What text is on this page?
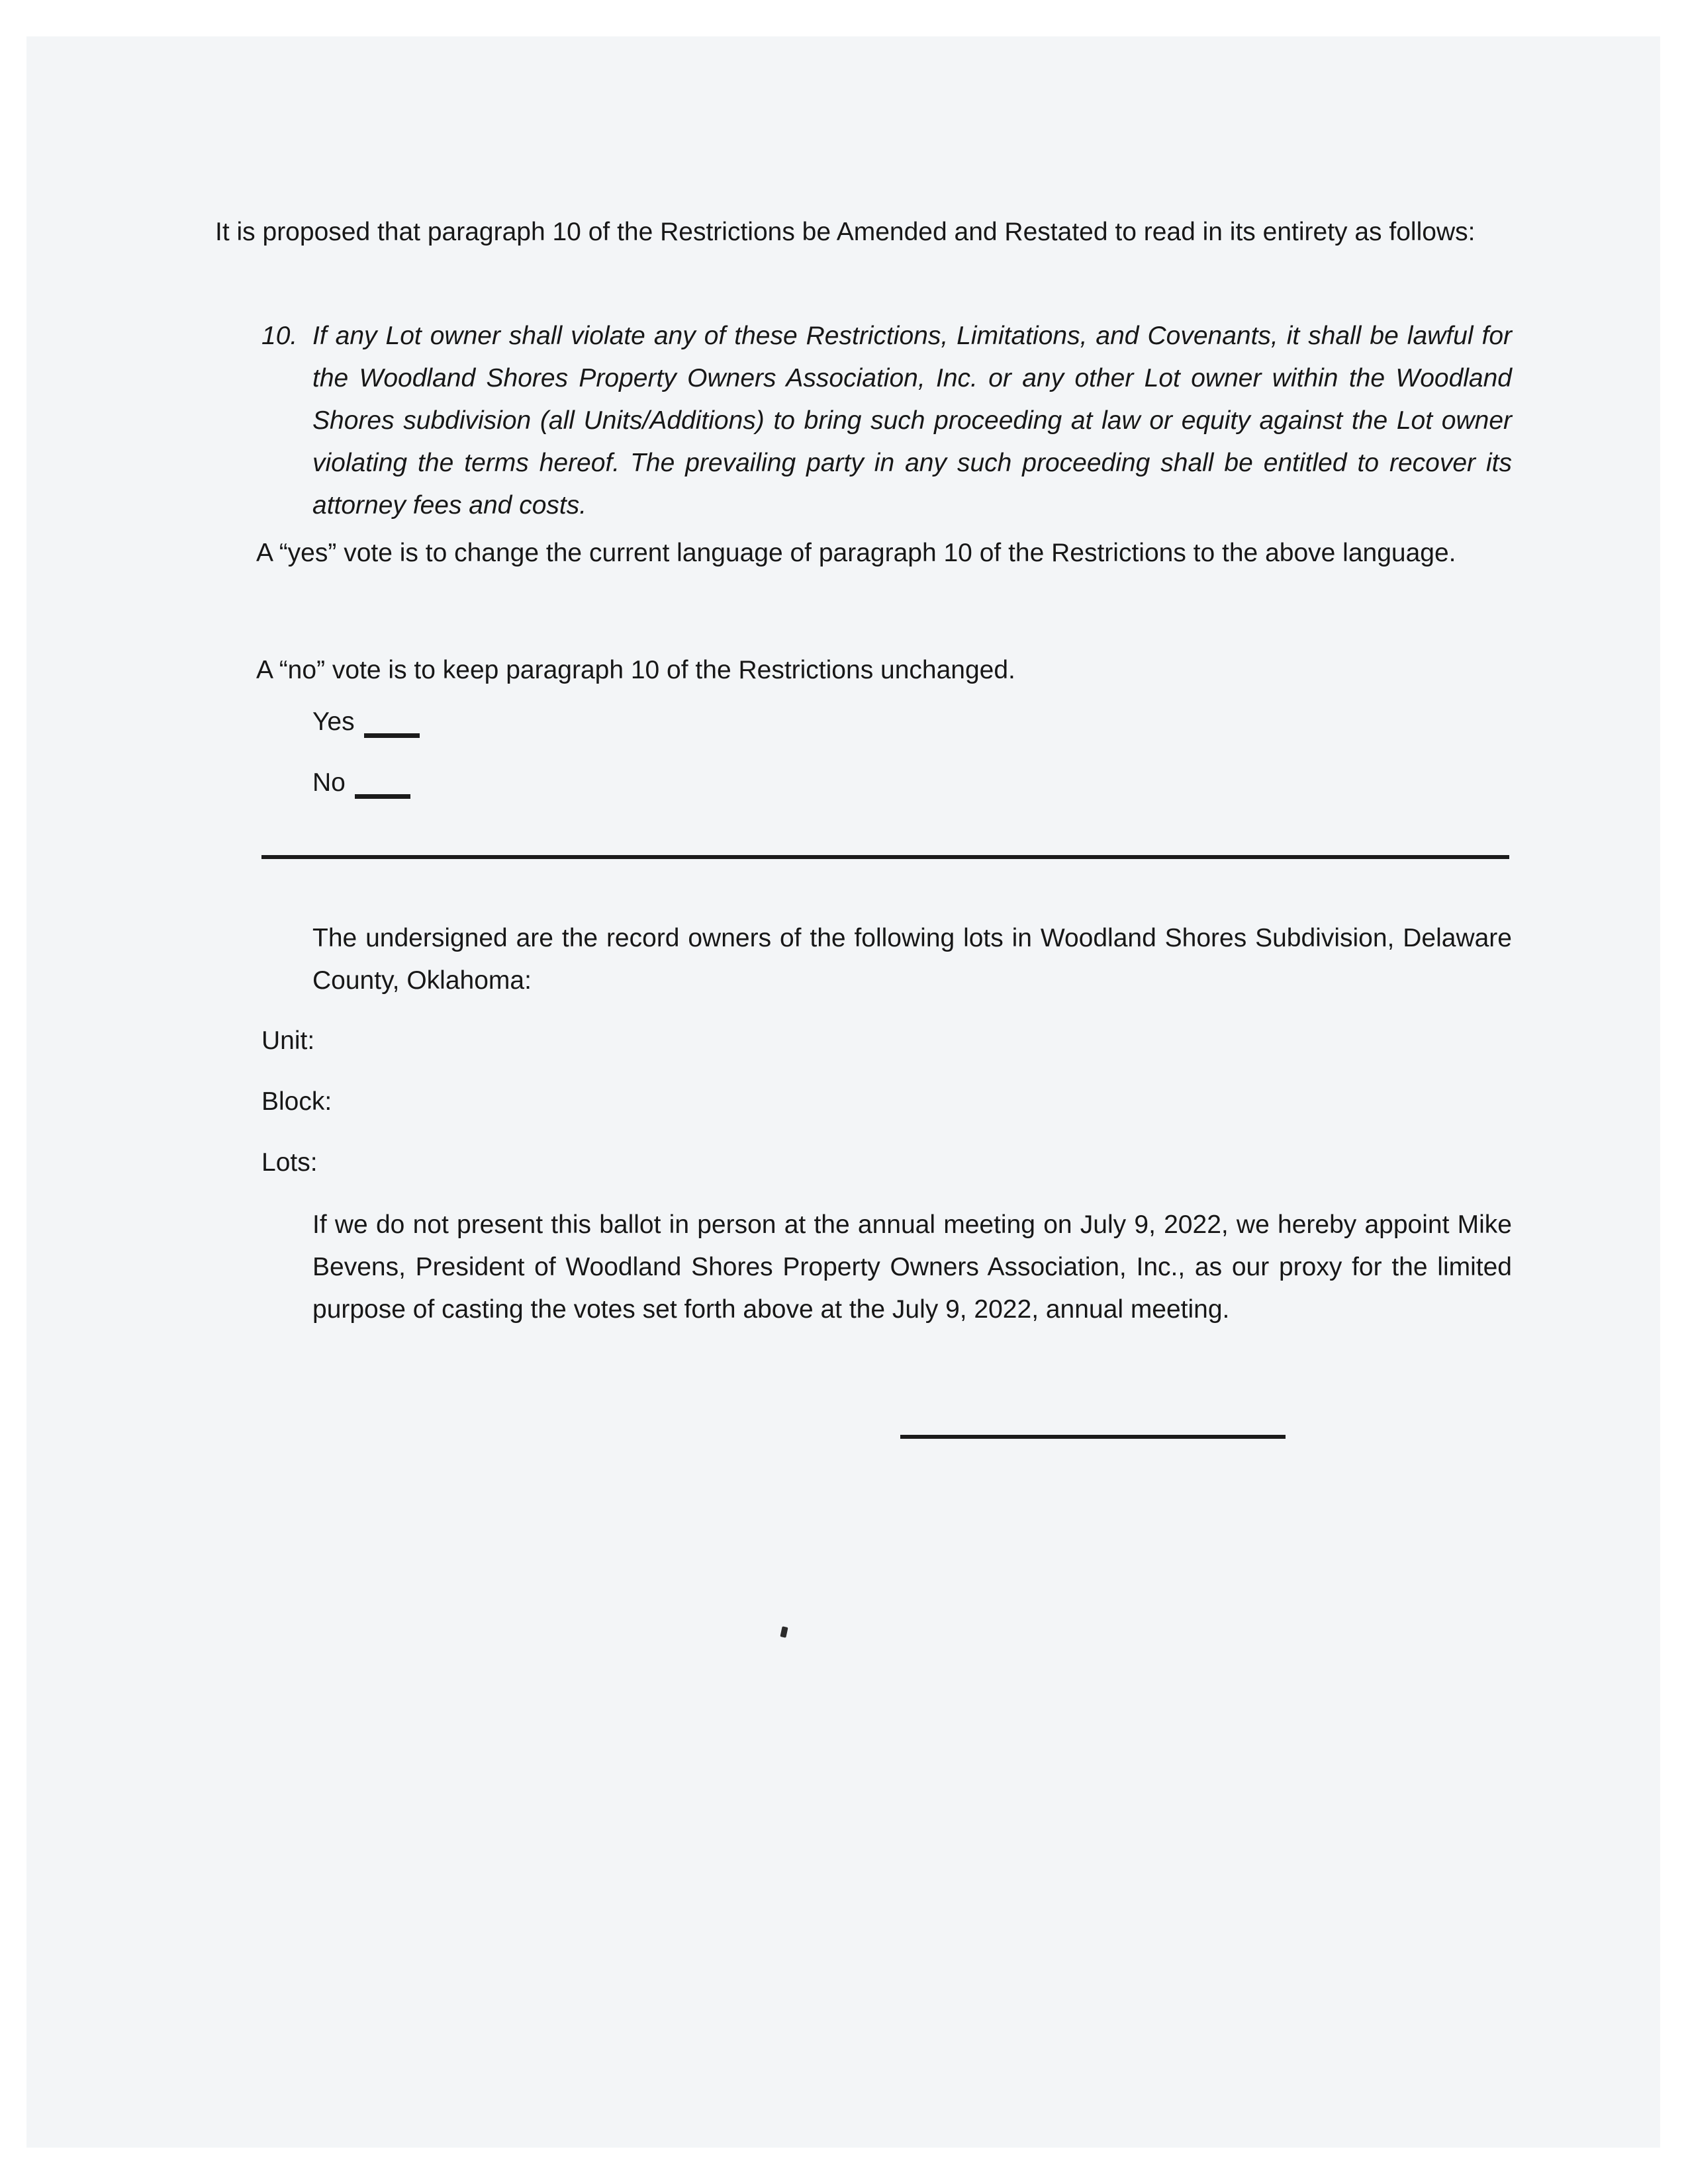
It is proposed that paragraph 10 of the Restrictions be Amended and Restated to read in its entirety as follows:
10. If any Lot owner shall violate any of these Restrictions, Limitations, and Covenants, it shall be lawful for the Woodland Shores Property Owners Association, Inc. or any other Lot owner within the Woodland Shores subdivision (all Units/Additions) to bring such proceeding at law or equity against the Lot owner violating the terms hereof. The prevailing party in any such proceeding shall be entitled to recover its attorney fees and costs.
A “yes” vote is to change the current language of paragraph 10 of the Restrictions to the above language.
A “no” vote is to keep paragraph 10 of the Restrictions unchanged.
Yes
No
The undersigned are the record owners of the following lots in Woodland Shores Subdivision, Delaware County, Oklahoma:
Unit:
Block:
Lots:
If we do not present this ballot in person at the annual meeting on July 9, 2022, we hereby appoint Mike Bevens, President of Woodland Shores Property Owners Association, Inc., as our proxy for the limited purpose of casting the votes set forth above at the July 9, 2022, annual meeting.
